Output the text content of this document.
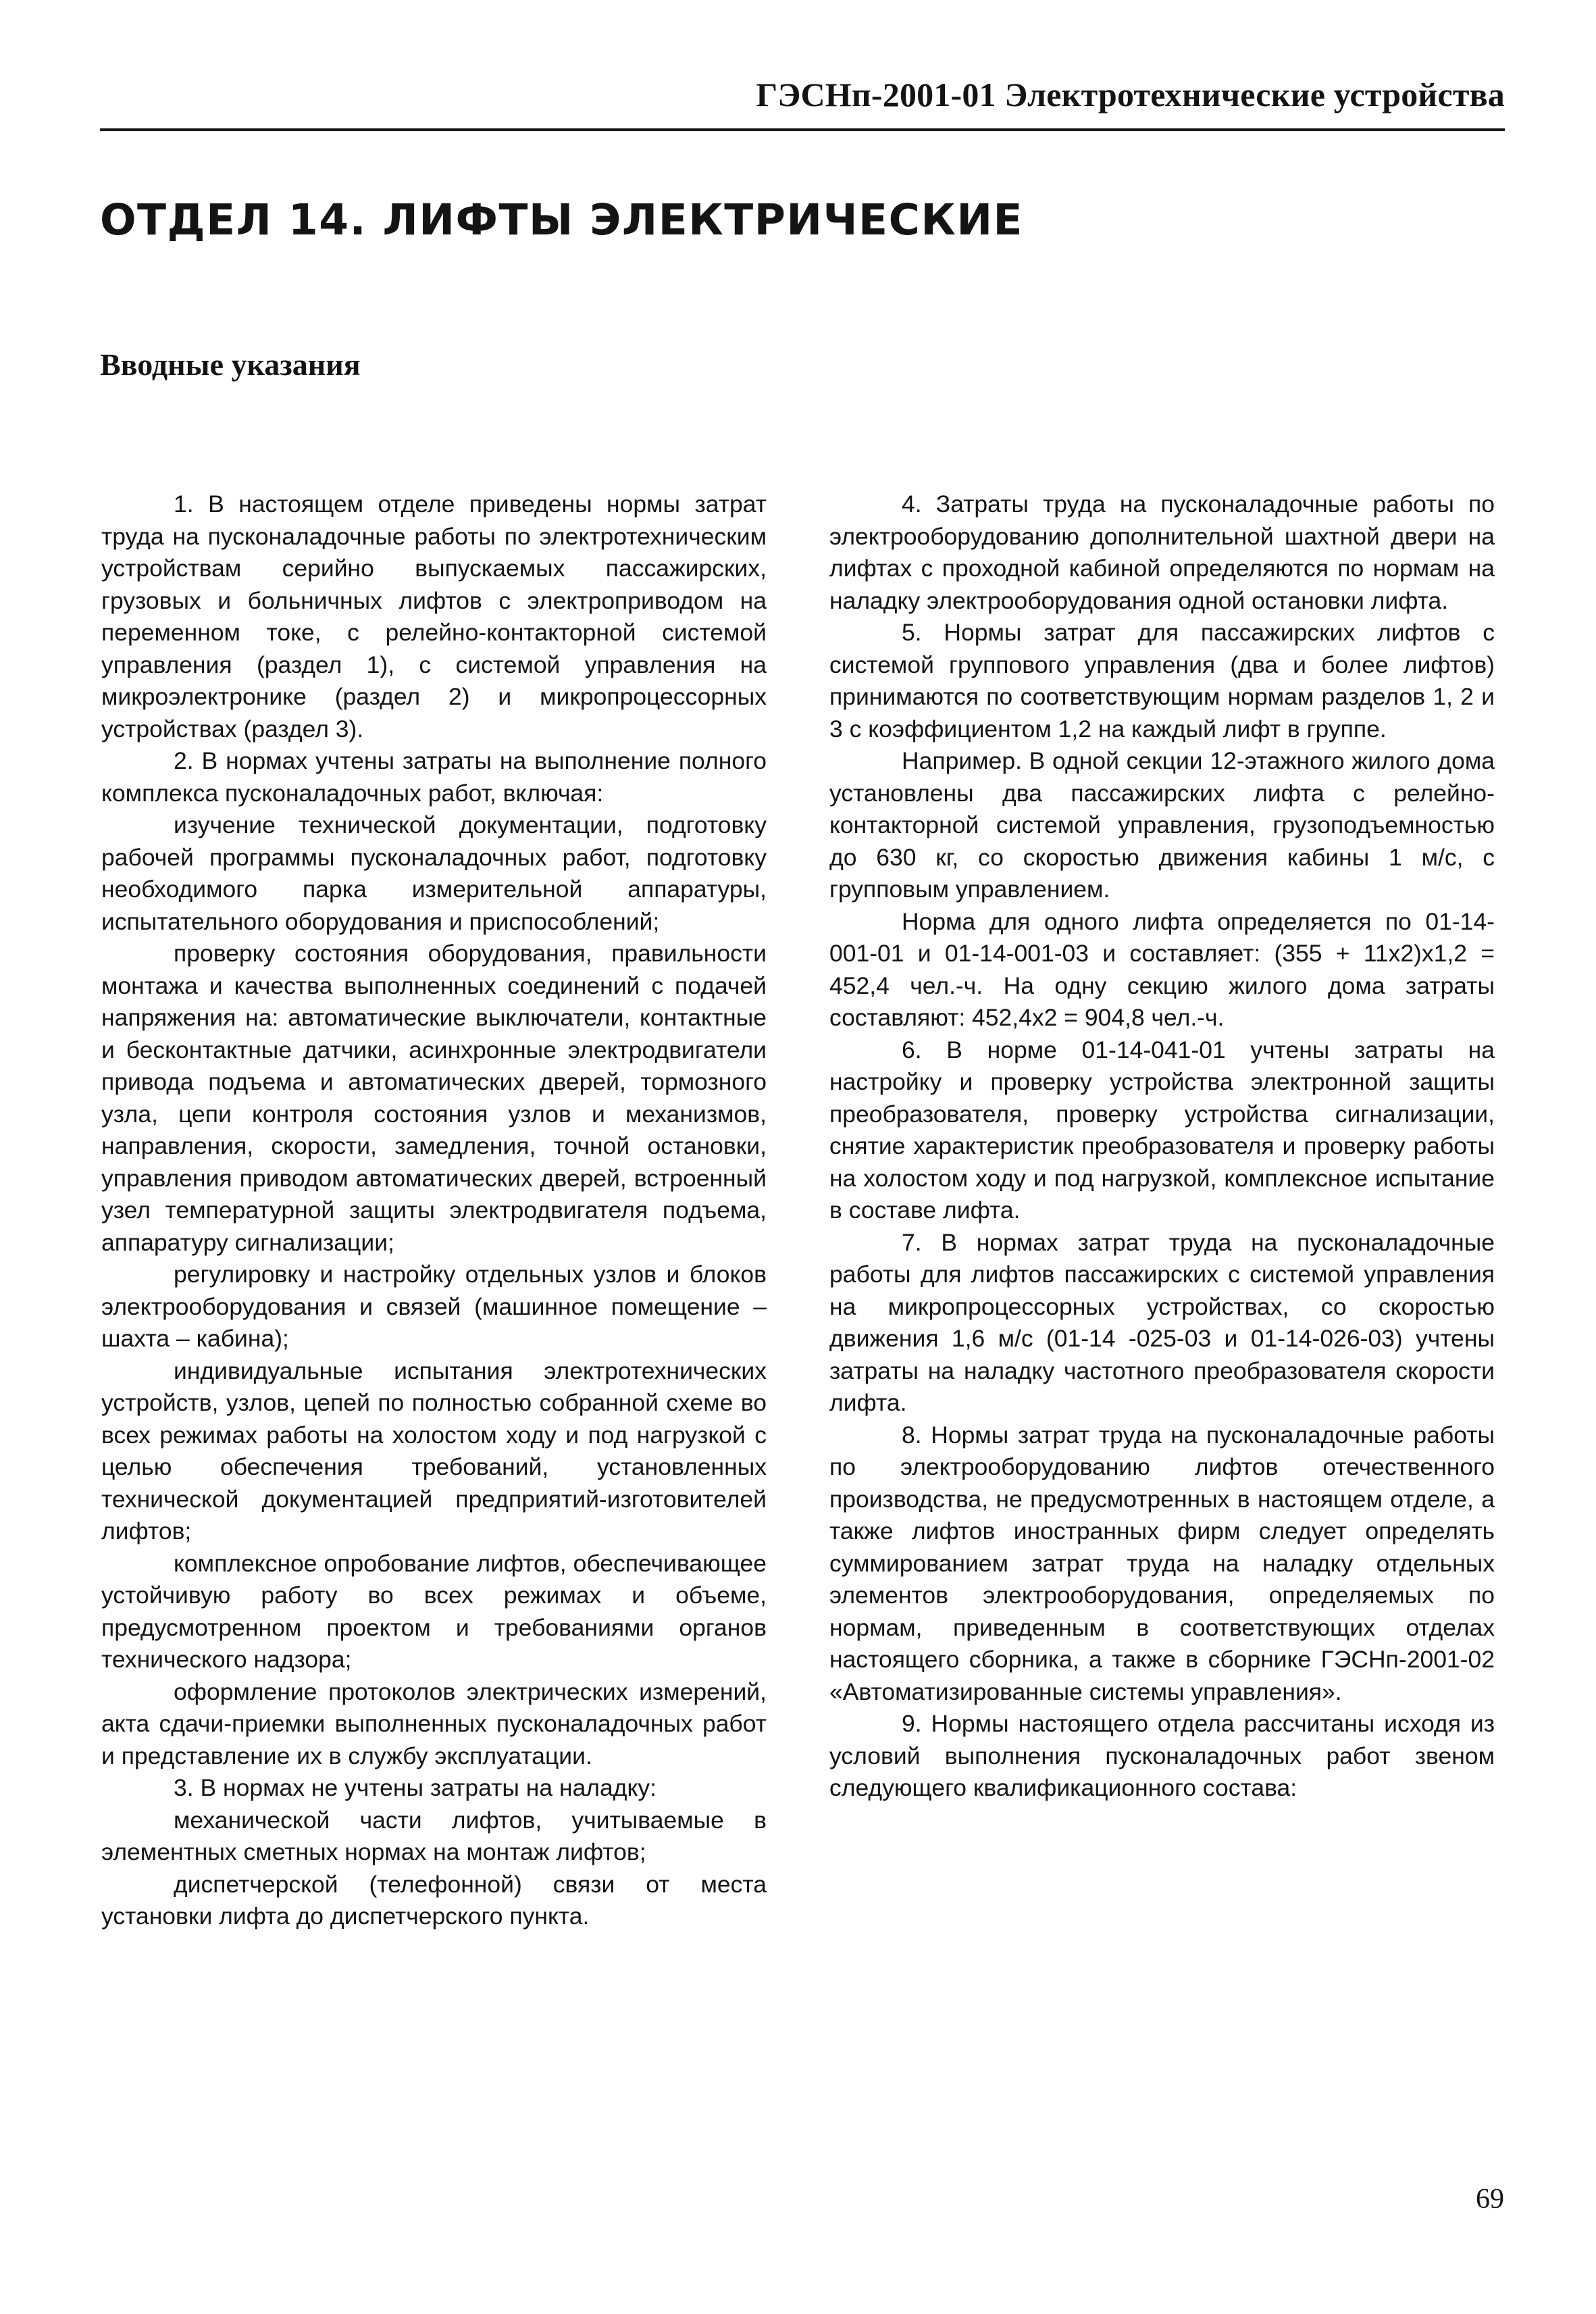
ГЭСНп-2001-01 Электротехнические устройства
ОТДЕЛ 14. ЛИФТЫ ЭЛЕКТРИЧЕСКИЕ
Вводные указания

1. В настоящем отделе приведены нормы затрат труда на пусконаладочные работы по электротехническим устройствам серийно выпускаемых пассажирских, грузовых и больничных лифтов с электроприводом на переменном токе, с релейно-контакторной системой управления (раздел 1), с системой управления на микроэлектронике (раздел 2) и микропроцессорных устройствах (раздел 3).

2. В нормах учтены затраты на выполнение полного комплекса пусконаладочных работ, включая:

изучение технической документации, подготовку рабочей программы пусконаладочных работ, подготовку необходимого парка измерительной аппаратуры, испытательного оборудования и приспособлений;

проверку состояния оборудования, правильности монтажа и качества выполненных соединений с подачей напряжения на: автоматические выключатели, контактные и бесконтактные датчики, асинхронные электродвигатели привода подъема и автоматических дверей, тормозного узла, цепи контроля состояния узлов и механизмов, направления, скорости, замедления, точной остановки, управления приводом автоматических дверей, встроенный узел температурной защиты электродвигателя подъема, аппаратуру сигнализации;

регулировку и настройку отдельных узлов и блоков электрооборудования и связей (машинное помещение – шахта – кабина);

индивидуальные испытания электротехнических устройств, узлов, цепей по полностью собранной схеме во всех режимах работы на холостом ходу и под нагрузкой с целью обеспечения требований, установленных технической документацией предприятий-изготовителей лифтов;

комплексное опробование лифтов, обеспечивающее устойчивую работу во всех режимах и объеме, предусмотренном проектом и требованиями органов технического надзора;

оформление протоколов электрических измерений, акта сдачи-приемки выполненных пусконаладочных работ и представление их в службу эксплуатации.

3. В нормах не учтены затраты на наладку:

механической части лифтов, учитываемые в элементных сметных нормах на монтаж лифтов;

диспетчерской (телефонной) связи от места установки лифта до диспетчерского пункта.

4. Затраты труда на пусконаладочные работы по электрооборудованию дополнительной шахтной двери на лифтах с проходной кабиной определяются по нормам на наладку электрооборудования одной остановки лифта.

5. Нормы затрат для пассажирских лифтов с системой группового управления (два и более лифтов) принимаются по соответствующим нормам разделов 1, 2 и 3 с коэффициентом 1,2 на каждый лифт в группе.

Например. В одной секции 12-этажного жилого дома установлены два пассажирских лифта с релейно-контакторной системой управления, грузоподъемностью до 630 кг, со скоростью движения кабины 1 м/с, с групповым управлением.

Норма для одного лифта определяется по 01-14-001-01 и 01-14-001-03 и составляет: (355 + 11х2)х1,2 = 452,4 чел.-ч. На одну секцию жилого дома затраты составляют: 452,4х2 = 904,8 чел.-ч.

6. В норме 01-14-041-01 учтены затраты на настройку и проверку устройства электронной защиты преобразователя, проверку устройства сигнализации, снятие характеристик преобразователя и проверку работы на холостом ходу и под нагрузкой, комплексное испытание в составе лифта.

7. В нормах затрат труда на пусконаладочные работы для лифтов пассажирских с системой управления на микропроцессорных устройствах, со скоростью движения 1,6 м/с (01-14 -025-03 и 01-14-026-03) учтены затраты на наладку частотного преобразователя скорости лифта.

8. Нормы затрат труда на пусконаладочные работы по электрооборудованию лифтов отечественного производства, не предусмотренных в настоящем отделе, а также лифтов иностранных фирм следует определять суммированием затрат труда на наладку отдельных элементов электрооборудования, определяемых по нормам, приведенным в соответствующих отделах настоящего сборника, а также в сборнике ГЭСНп-2001-02 «Автоматизированные системы управления».

9. Нормы настоящего отдела рассчитаны исходя из условий выполнения пусконаладочных работ звеном следующего квалификационного состава:

69
